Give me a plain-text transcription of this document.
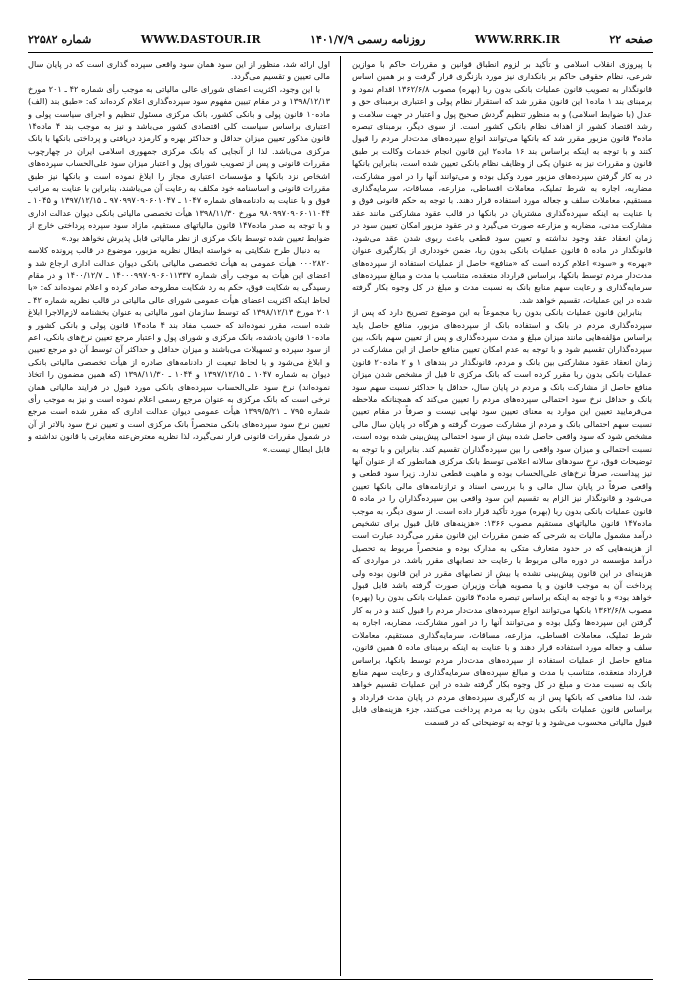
شماره ۲۲۵۸۲	WWW.DASTOUR.IR	روزنامه رسمی ۱۴۰۱/۷/۹	WWW.RRK.IR	صفحه ۲۲

با پیروزی انقلاب اسلامی و تأکید بر لزوم انطباق قوانین و مقررات حاکم با موازین شرعی، نظام حقوقی حاکم بر بانکداری نیز مورد بازنگری قرار گرفت و بر همین اساس قانونگذار به تصویب قانون عملیات بانکی بدون ربا (بهره) مصوب ۱۳۶۲/۶/۸ اقدام نمود و برمبنای بند ۱ ماده۱ این قانون مقرر شد که استقرار نظام پولی و اعتباری برمبنای حق و عدل (با ضوابط اسلامی) و به منظور تنظیم گردش صحیح پول و اعتبار در جهت سلامت و رشد اقتصاد کشور از اهداف نظام بانکی کشور است. از سوی دیگر، برمبنای تبصره ماده۳ قانون مزبور مقرر شد که بانکها می‌توانند انواع سپرده‌های مدت‌دار مردم را قبول کنند و با توجه به اینکه براساس بند ۱۶ ماده۲ این قانون انجام خدمات وکالت بر طبق قانون و مقررات نیز به عنوان یکی از وظایف نظام بانکی تعیین شده است، بنابراین بانکها در به کار گرفتن سپرده‌های مزبور مورد وکیل بوده و می‌توانند آنها را در امور مشارکت، مضاربه، اجاره به شرط تملیک، معاملات اقساطی، مزارعه، مساقات، سرمایه‌گذاری مستقیم، معاملات سلف و جعاله مورد استفاده قرار دهند. با توجه به حکم قانونی فوق و با عنایت به اینکه سپرده‌گذاری مشتریان در بانکها در قالب عقود مشارکتی مانند عقد مشارکت مدنی، مضاربه و مزارعه صورت می‌گیرد و در عقود مزبور امکان تعیین سود در زمان انعقاد عقد وجود نداشته و تعیین سود قطعی باعث ربوی شدن عقد می‌شود، قانونگذار در ماده ۵ قانون عملیات بانکی بدون ربا، ضمن خودداری از بکارگیری عنوان «بهره» و «سود» اعلام کرده است که «منافع» حاصل از عملیات استفاده از سپرده‌های مدت‌دار مردم توسط بانکها، براساس قرارداد منعقده، متناسب با مدت و مبالغ سپرده‌های سرمایه‌گذاری و رعایت سهم منابع بانک به نسبت مدت و مبلغ در کل وجوه بکار گرفته شده در این عملیات، تقسیم خواهد شد.

بنابراین قانون عملیات بانکی بدون ربا مجموعاً به این موضوع تصریح دارد که پس از سپرده‌گذاری مردم در بانک و استفاده بانک از سپرده‌های مزبور، منافع حاصل باید براساس مؤلفه‌هایی مانند میزان مبلغ و مدت سپرده‌گذاری و پس از تعیین سهم بانک، بین سپرده‌گذاران تقسیم شود و با توجه به عدم امکان تعیین منافع حاصل از این مشارکت در زمان انعقاد عقود مشارکتی بین بانک و مردم، قانونگذار در بندهای ۱ و ۲ ماده۲۰ قانون عملیات بانکی بدون ربا مقرر کرده است که بانک مرکزی تا قبل از مشخص شدن میزان منافع حاصل از مشارکت بانک و مردم در پایان سال، حداقل یا حداکثر نسبت سهم سود بانک و حداقل نرخ سود احتمالی سپرده‌های مردم را تعیین می‌کند که همچنانکه ملاحظه می‌فرمایید تعیین این موارد به معنای تعیین سود نهایی نیست و صرفاً در مقام تعیین نسبت سهم احتمالی بانک و مردم از مشارکت صورت گرفته و هرگاه در پایان سال مالی مشخص شود که سود واقعی حاصل شده بیش از سود احتمالی پیش‌بینی شده بوده است، نسبت احتمالی و میزان سود واقعی را بین سپرده‌گذاران تقسیم کند. بنابراین و با توجه به توضیحات فوق، نرخ سودهای سالانه اعلامی توسط بانک مرکزی همانطور که از عنوان آنها نیز پیداست، صرفاً نرخ‌های علی‌الحساب بوده و ماهیت قطعی ندارد. زیرا سود قطعی و واقعی صرفاً در پایان سال مالی و با بررسی اسناد و ترازنامه‌های مالی بانکها تعیین می‌شود و قانونگذار نیز الزام به تقسیم این سود واقعی بین سپرده‌گذاران را در ماده ۵ قانون عملیات بانکی بدون ربا (بهره) مورد تأکید قرار داده است. از سوی دیگر، به موجب ماده۱۴۷ قانون مالیاتهای مستقیم مصوب ۱۳۶۶: «هزینه‌های قابل قبول برای تشخیص درآمد مشمول مالیات به شرحی که ضمن مقررات این قانون مقرر می‌گردد عبارت است از هزینه‌هایی که در حدود متعارف متکی به مدارک بوده و منحصراً مربوط به تحصیل درآمد مؤسسه در دوره مالی مربوط با رعایت حد نصابهای مقرر باشد. در مواردی که هزینه‌ای در این قانون پیش‌بینی نشده یا بیش از نصابهای مقرر در این قانون بوده ولی پرداخت آن به موجب قانون و یا مصوبه هیأت وزیران صورت گرفته باشد قابل قبول خواهد بود» و با توجه به اینکه براساس تبصره ماده۳ قانون عملیات بانکی بدون ربا (بهره) مصوب ۱۳۶۲/۶/۸ بانکها می‌توانند انواع سپرده‌های مدت‌دار مردم را قبول کنند و در به کار گرفتن این سپرده‌ها وکیل بوده و می‌توانند آنها را در امور مشارکت، مضاربه، اجاره به شرط تملیک، معاملات اقساطی، مزارعه، مساقات، سرمایه‌گذاری مستقیم، معاملات سلف و جعاله مورد استفاده قرار دهند و با عنایت به اینکه برمبنای ماده ۵ همین قانون، منافع حاصل از عملیات استفاده از سپرده‌های مدت‌دار مردم توسط بانکها، براساس قرارداد منعقده، متناسب با مدت و مبالغ سپرده‌های سرمایه‌گذاری و رعایت سهم منابع بانک به نسبت مدت و مبلغ در کل وجوه بکار گرفته شده در این عملیات تقسیم خواهد شد، لذا منافعی که بانکها پس از به کارگیری سپرده‌های مردم در پایان مدت قرارداد و براساس قانون عملیات بانکی بدون ربا به مردم پرداخت می‌کنند، جزء هزینه‌های قابل قبول مالیاتی محسوب می‌شود و با توجه به توضیحاتی که در قسمت

اول ارائه شد، منظور از این سود همان سود واقعی سپرده گذاری است که در پایان سال مالی تعیین و تقسیم می‌گردد.

با این وجود، اکثریت اعضای شورای عالی مالیاتی به موجب رأی شماره ۴۲ ـ ۲۰۱ مورخ ۱۳۹۸/۱۲/۱۳ و در مقام تبیین مفهوم سود سپرده‌گذاری اعلام کرده‌اند که: «طبق بند (الف) ماده۱۰ قانون پولی و بانکی کشور، بانک مرکزی مسئول تنظیم و اجرای سیاست پولی و اعتباری براساس سیاست کلی اقتصادی کشور می‌باشد و نیز به موجب بند ۴ ماده۱۴ قانون مذکور تعیین میزان حداقل و حداکثر بهره و کارمزد دریافتی و پرداختی بانکها با بانک مرکزی می‌باشد. لذا از آنجایی که بانک مرکزی جمهوری اسلامی ایران در چهارچوب مقررات قانونی و پس از تصویب شورای پول و اعتبار میزان سود علی‌الحساب سپرده‌های اشخاص نزد بانکها و مؤسسات اعتباری مجاز را ابلاغ نموده است و بانکها نیز طبق مقررات قانونی و اساسنامه خود مکلف به رعایت آن می‌باشند، بنابراین با عنایت به مراتب فوق و با عنایت به دادنامه‌های شماره ۱۰۴۷ ـ ۹۷۰۹۹۷۰۹۰۶۰۱۰۴۷ ـ ۱۳۹۷/۱۲/۱۵ و ۱۰۴۵ ـ ۹۸۰۹۹۷۰۹۰۶۰۱۱۰۴۴ مورخ ۱۳۹۸/۱۱/۳۰ هیأت تخصصی مالیاتی بانکی دیوان عدالت اداری و با توجه به صدر ماده۱۴۷ قانون مالیاتهای مستقیم، مازاد سود سپرده پرداختی خارج از ضوابط تعیین شده توسط بانک مرکزی از نظر مالیاتی قابل پذیرش نخواهد بود.»

به دنبال طرح شکایتی به خواسته ابطال نظریه مزبور، موضوع در قالب پرونده کلاسه ۰۰۰۲۸۲۰ هیأت عمومی به هیأت تخصصی مالیاتی بانکی دیوان عدالت اداری ارجاع شد و اعضای این هیأت به موجب رأی شماره ۱۴۰۰۰۹۹۷۰۹۰۶۰۱۱۳۳۷ ـ ۱۴۰۰/۱۲/۷ و در مقام رسیدگی به شکایت فوق، حکم به رد شکایت مطروحه صادر کرده و اعلام نموده‌اند که: «با لحاظ اینکه اکثریت اعضای هیأت عمومی شورای عالی مالیاتی در قالب نظریه شماره ۴۲ ـ ۲۰۱ مورخ ۱۳۹۸/۱۲/۱۳ که توسط سازمان امور مالیاتی به عنوان بخشنامه لازم‌الاجرا ابلاغ شده است، مقرر نموده‌اند که حسب مفاد بند ۴ ماده۱۴ قانون پولی و بانکی کشور و ماده۱۰ قانون یادشده، بانک مرکزی و شورای پول و اعتبار مرجع تعیین نرخ‌های بانکی، اعم از سود سپرده و تسهیلات می‌باشند و میزان حداقل و حداکثر آن توسط آن دو مرجع تعیین و ابلاغ می‌شود و با لحاظ تبعیت از دادنامه‌های صادره از هیأت تخصصی مالیاتی بانکی دیوان به شماره ۱۰۴۷ ـ ۱۳۹۷/۱۲/۱۵ و ۱۰۴۴ ـ ۱۳۹۸/۱۱/۳۰ (که همین مضمون را اتخاذ نموده‌اند) نرخ سود علی‌الحساب سپرده‌های بانکی مورد قبول در فرایند مالیاتی همان نرخی است که بانک مرکزی به عنوان مرجع رسمی اعلام نموده است و نیز به موجب رأی شماره ۷۹۵ ـ ۱۳۹۹/۵/۲۱ هیأت عمومی دیوان عدالت اداری که مقرر شده است مرجع تعیین نرخ سود سپرده‌های بانکی منحصراً بانک مرکزی است و تعیین نرخ سود بالاتر از آن در شمول مقررات قانونی قرار نمی‌گیرد، لذا نظریه معترض‌عنه مغایرتی با قانون نداشته و قابل ابطال نیست.»
